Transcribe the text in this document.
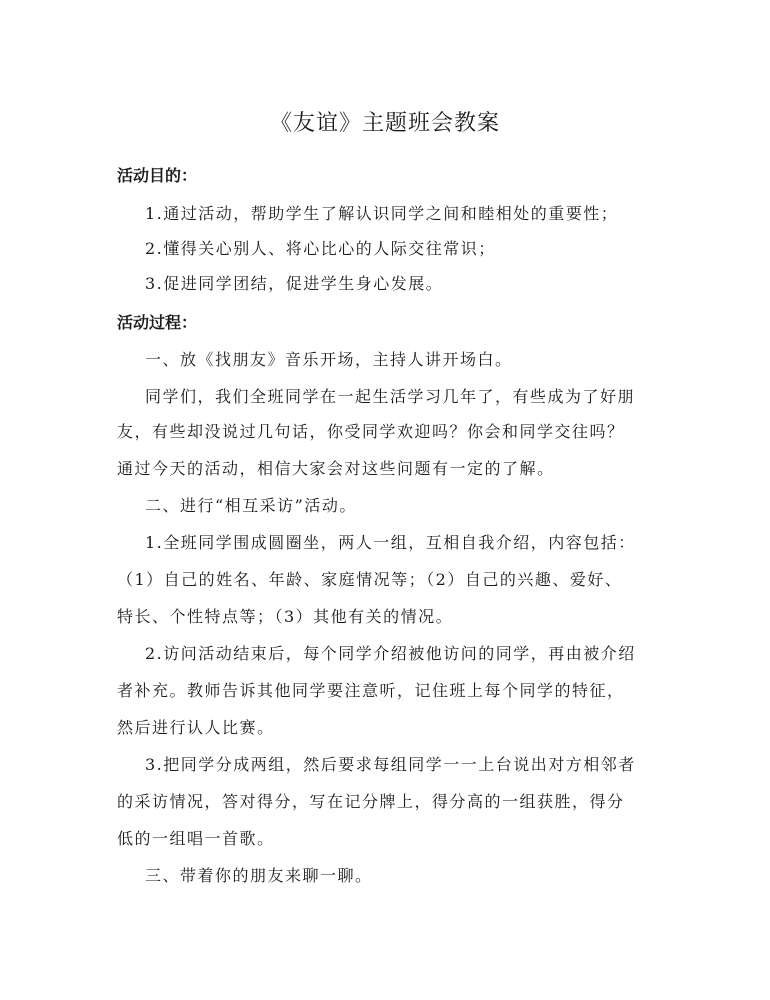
《友谊》主题班会教案
活动目的：
1.通过活动，帮助学生了解认识同学之间和睦相处的重要性；
2.懂得关心别人、将心比心的人际交往常识；
3.促进同学团结，促进学生身心发展。
活动过程：
一、放《找朋友》音乐开场，主持人讲开场白。
同学们，我们全班同学在一起生活学习几年了，有些成为了好朋
友，有些却没说过几句话，你受同学欢迎吗？你会和同学交往吗？
通过今天的活动，相信大家会对这些问题有一定的了解。
二、进行“相互采访”活动。
1.全班同学围成圆圈坐，两人一组，互相自我介绍，内容包括：
（1）自己的姓名、年龄、家庭情况等；（2）自己的兴趣、爱好、
特长、个性特点等；（3）其他有关的情况。
2.访问活动结束后，每个同学介绍被他访问的同学，再由被介绍
者补充。教师告诉其他同学要注意听，记住班上每个同学的特征，
然后进行认人比赛。
3.把同学分成两组，然后要求每组同学一一上台说出对方相邻者
的采访情况，答对得分，写在记分牌上，得分高的一组获胜，得分
低的一组唱一首歌。
三、带着你的朋友来聊一聊。
